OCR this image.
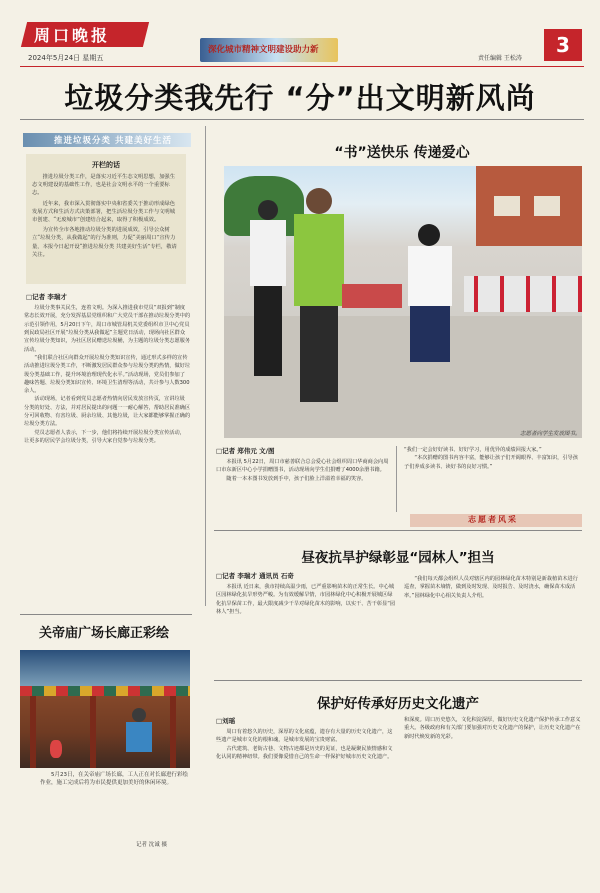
周口晚报
2024年5月24日 星期五
深化城市精神文明建设助力新
责任编辑 王松涛
3
垃圾分类我先行 “分”出文明新风尚
推进垃圾分类 共建美好生活
开栏的话

推进垃圾分类工作，是落实习近平生态文明思想，加强生态文明建设的基础性工作，也是社会文明水平的一个重要标志。

近年来，我市深入贯彻落实中央和省委关于推动形成绿色发展方式和生活方式决策部署，把生活垃圾分类工作与文明城市创建、“无废城市”创建结合起来，取得了积极成效。

为宣传全市各地推动垃圾分类的进展成效，引导公众树立“垃圾分类，从我做起”的行为准则，力促“美丽周口”宣传力量，本报今日起开设“推进垃圾分类 共建美好生活”专栏，敬请关注。

□记者 李瑞才

垃圾分类事关民生，连着文明。为深入推进我市党员“双报到”制度常态长效开展，充分发挥基层党组织和广大党员干部在推动垃圾分类中的示范引领作用，5月20日下午，周口市城管局机关党委组织市卫中心党员到民政局社区开展“垃圾分类从我做起”主题党日活动，现场向社区群众宣传垃圾分类知识，为社区居民赠送垃圾桶，为主题的垃圾分类志愿服务活动。

“我们联合社区向群众开展垃圾分类知识宣传，通过形式多样的宣传活动推进垃圾分类工作，不断激发居民群众参与垃圾分类的热情，做好垃圾分类基础工作，提升环境治理现代化水平。”活动现场，党员们参加了趣味答题、垃圾分类知识宣传、环境卫生清理等活动，共计参与人数300余人。

活动现场，记者看到党员志愿者热情向居民发放宣传页，宣讲垃圾分类的好处、方法，并对居民提出的问题一一耐心解答，帮助居民准确区分可回收物、有害垃圾、厨余垃圾、其他垃圾，让大家都能够掌握正确的垃圾分类方法。

党员志愿者人表示，下一步，他们将持续开展垃圾分类宣传活动，让更多的居民学会垃圾分类，引导大家自觉参与垃圾分类。

关帝庙广场长廊正彩绘
5月23日，在关帝庙广场长廊，工人正在对长廊进行彩绘作业，施工完成后将为市民提供更加美好的休闲环境。
记者 沈诚 摄
“书”送快乐 传递爱心
志愿者向学生发放图书。
□记者 郑伟元 文/图

本报讯 5月22日，周口市慈善联合总会爱心社会组织周口华商商会向周口市东新区中心小学捐赠图书，活动现场向学生们捐赠了4000余册书籍。

随着一本本图书发放到手中，孩子们脸上洋溢着幸福的笑容。

“我们一定会好好读书、好好学习，用优异的成绩回报大家。”

“本次捐赠的图书内容丰富，能够让孩子们开阔眼界、丰富知识，引导孩子们养成多读书、读好书的良好习惯。”

志愿者风采
昼夜抗旱护绿彰显“园林人”担当
□记者 李瑞才 通讯员 石奇

本报讯 近日来，我市持续高温少雨，已严重影响苗木的正常生长。中心城区园林绿化抗旱形势严峻。为有效缓解旱情，市园林绿化中心积极开展城区绿化抗旱保苗工作，最大限度减少干旱对绿化苗木的影响，以实干、苦干彰显“园林人”担当。

“我们每天都会组织人员对辖区内的园林绿化苗木特别是新栽植苗木进行巡查，掌握苗木墒情，做到及时发现、及时报告、及时浇水，确保苗木成活率。”园林绿化中心相关负责人介绍。

保护好传承好历史文化遗产
□刘瑶

周口有着悠久的历史，深厚的文化底蕴，遗存有大量的历史文化遗产，这些遗产是城市文化的根和魂，是城市发展的宝贵财富。

古代建筑、老街古巷、文物古迹都是历史的见证，也是凝聚民族情感和文化认同的精神纽带。我们要像爱惜自己的生命一样保护好城市历史文化遗产。

和深度。周口历史悠久，文化积淀深厚，做好历史文化遗产保护传承工作意义重大。各级政府和有关部门要加强对历史文化遗产的保护，让历史文化遗产在新时代焕发新的光彩。
